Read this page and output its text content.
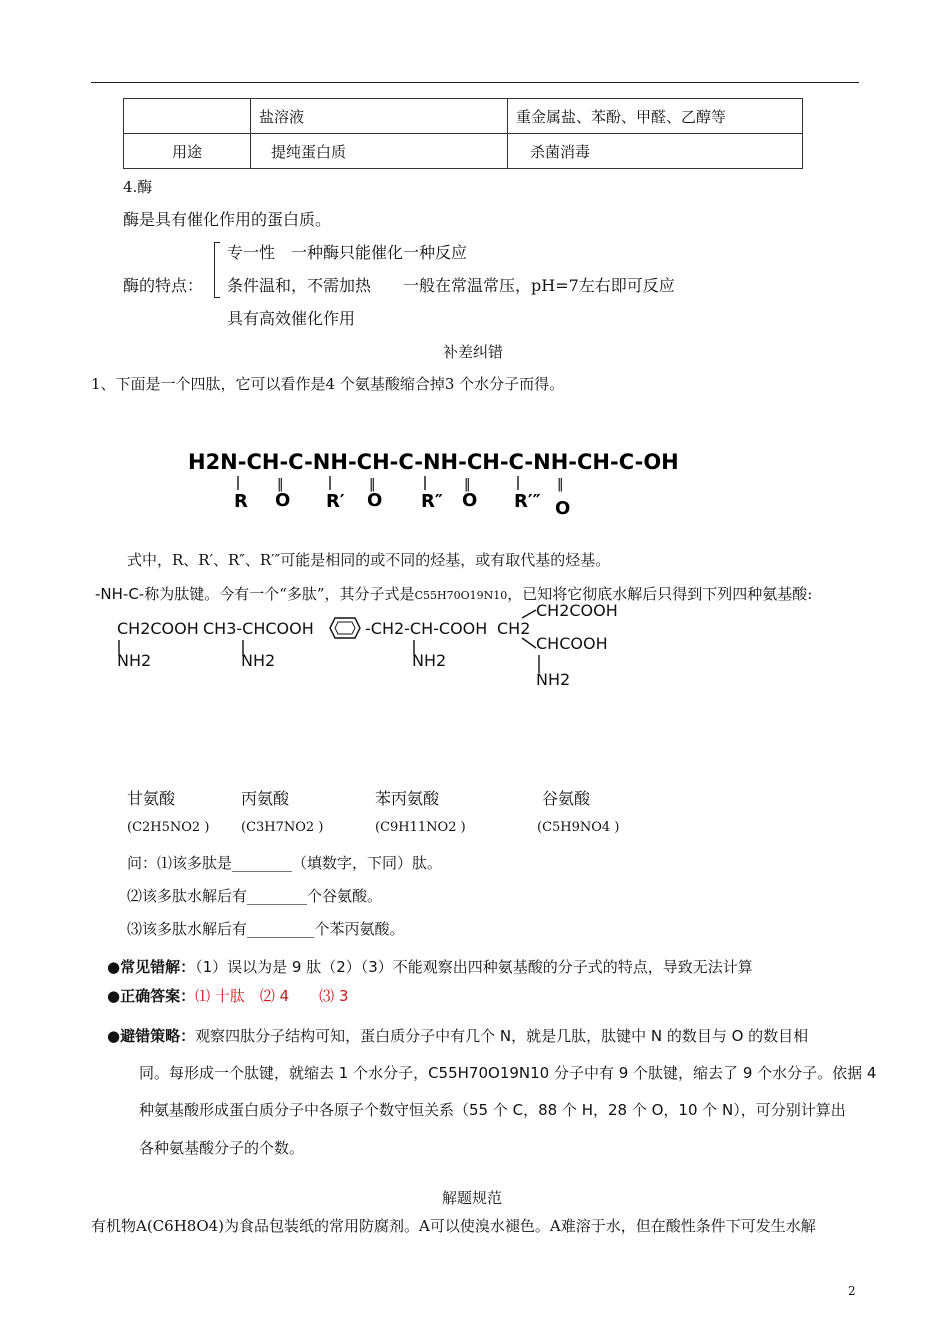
	盐溶液	重金属盐、苯酚、甲醛、乙醇等
用途	提纯蛋白质	杀菌消毒
4.酶
酶是具有催化作用的蛋白质。
酶的特点：
专一性　一种酶只能催化一种反应
条件温和，不需加热　　一般在常温常压，pH=7左右即可反应
具有高效催化作用
补差纠错
1、下面是一个四肽，它可以看作是4 个氨基酸缩合掉3 个水分子而得。
H2N-CH-C-NH-CH-C-NH-CH-C-NH-CH-C-OH
R	R′	R″	R′″
‖
O
‖
O
‖
O
‖
O
式中，R、R′、R″、R′″可能是相同的或不同的烃基，或有取代基的烃基。
-NH-C-称为肽键。今有一个“多肽”，其分子式是C55H70O19N10，已知将它彻底水解后只得到下列四种氨基酸:
CH2COOH
NH2
CH3-CHCOOH
NH2
-CH2-CH-COOH
NH2
CH2COOH
CH2
CHCOOH
NH2
甘氨酸	丙氨酸	苯丙氨酸	谷氨酸
(C2H5NO2 ) (C3H7NO2 )	(C9H11NO2 )	(C5H9NO4 )
问：⑴该多肽是________（填数字，下同）肽。
⑵该多肽水解后有________个谷氨酸。
⑶该多肽水解后有_________个苯丙氨酸。
●常见错解：（1）误以为是 9 肽（2）（3）不能观察出四种氨基酸的分子式的特点，导致无法计算
●正确答案：⑴ 十肽　⑵ 4　　⑶ 3
●避错策略：观察四肽分子结构可知，蛋白质分子中有几个 N，就是几肽，肽键中 N 的数目与 O 的数目相
同。每形成一个肽键，就缩去 1 个水分子，C55H70O19N10 分子中有 9 个肽键，缩去了 9 个水分子。依据 4
种氨基酸形成蛋白质分子中各原子个数守恒关系（55 个 C，88 个 H，28 个 O，10 个 N），可分别计算出
各种氨基酸分子的个数。
解题规范
有机物A(C6H8O4)为食品包装纸的常用防腐剂。A可以使溴水褪色。A难溶于水，但在酸性条件下可发生水解
2
